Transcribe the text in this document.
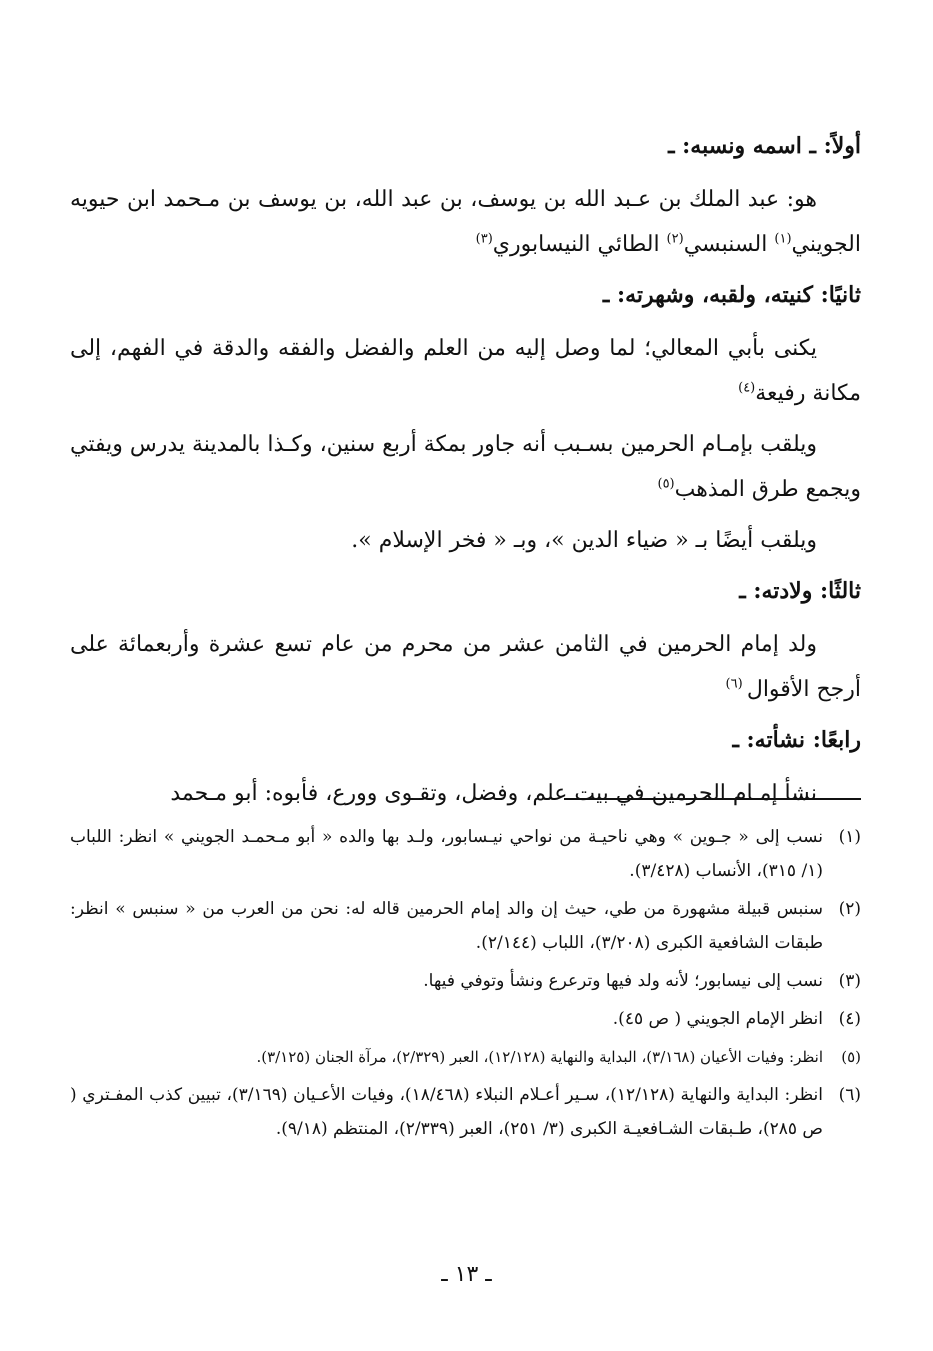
أولاً: ـ اسمه ونسبه: ـ

هو: عبد الملك بن عـبد الله بن يوسف، بن عبد الله، بن يوسف بن مـحمد ابن حيويه الجويني$^{(١)}$ السنبسي$^{(٢)}$ الطائي النيسابوري$^{(٣)}$

ثانيًا: كنيته، ولقبه، وشهرته: ـ

يكنى بأبي المعالي؛ لما وصل إليه من العلم والفضل والفقه والدقة في الفهم، إلى مكانة رفيعة$^{(٤)}$

ويلقب بإمـام الحرمين بسـبب أنه جاور بمكة أربع سنين، وكـذا بالمدينة يدرس ويفتي ويجمع طرق المذهب$^{(٥)}$

ويلقب أيضًا بـ « ضياء الدين »، وبـ « فخر الإسلام ».

ثالثًا: ولادته: ـ

ولد إمام الحرمين في الثامن عشر من محرم من عام تسع عشرة وأربعمائة على أرجح الأقوال $^{(٦)}$

رابعًا: نشأته: ـ

نشأ إمـام الحرمين في بيت علم، وفضل، وتقـوى وورع، فأبوه: أبو مـحمد

(١)
نسب إلى « جـوين » وهي ناحيـة من نواحي نيـسابور، ولـد بها والده « أبو مـحمـد الجويني » انظر: اللباب (١/ ٣١٥)، الأنساب (٣/٤٢٨).
(٢)
سنبس قبيلة مشهورة من طي، حيث إن والد إمام الحرمين قاله له: نحن من العرب من « سنبس » انظر: طبقات الشافعية الكبرى (٣/٢٠٨)، اللباب (٢/١٤٤).
(٣)
نسب إلى نيسابور؛ لأنه ولد فيها وترعرع ونشأ وتوفي فيها.
(٤)
انظر الإمام الجويني ( ص ٤٥).
(٥)
انظر: وفيات الأعيان (٣/١٦٨)، البداية والنهاية (١٢/١٢٨)، العبر (٢/٣٢٩)، مرآة الجنان (٣/١٢٥).
(٦)
انظر: البداية والنهاية (١٢/١٢٨)، سـير أعـلام النبلاء (١٨/٤٦٨)، وفيات الأعـيان (٣/١٦٩)، تبيين كذب المفـتري ( ص ٢٨٥)، طـبقات الشـافعيـة الكبرى (٣/ ٢٥١)، العبر (٢/٣٣٩)، المنتظم (٩/١٨).
ـ ١٣ ـ
